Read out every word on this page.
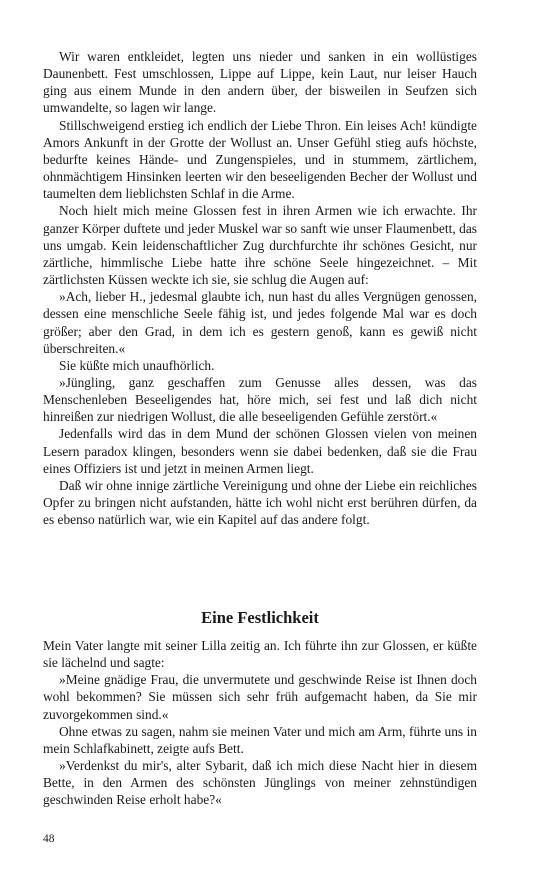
Wir waren entkleidet, legten uns nieder und sanken in ein wollüstiges Daunenbett. Fest umschlossen, Lippe auf Lippe, kein Laut, nur leiser Hauch ging aus einem Munde in den andern über, der bisweilen in Seufzen sich umwandelte, so lagen wir lange.

Stillschweigend erstieg ich endlich der Liebe Thron. Ein leises Ach! kündigte Amors Ankunft in der Grotte der Wollust an. Unser Gefühl stieg aufs höchste, bedurfte keines Hände- und Zungenspieles, und in stummem, zärtlichem, ohnmächtigem Hinsinken leerten wir den beseeligenden Becher der Wollust und taumelten dem lieblichsten Schlaf in die Arme.

Noch hielt mich meine Glossen fest in ihren Armen wie ich erwachte. Ihr ganzer Körper duftete und jeder Muskel war so sanft wie unser Flaumenbett, das uns umgab. Kein leidenschaftlicher Zug durchfurchte ihr schönes Gesicht, nur zärtliche, himmlische Liebe hatte ihre schöne Seele hingezeichnet. – Mit zärtlichsten Küssen weckte ich sie, sie schlug die Augen auf:

»Ach, lieber H., jedesmal glaubte ich, nun hast du alles Vergnügen genossen, dessen eine menschliche Seele fähig ist, und jedes folgende Mal war es doch größer; aber den Grad, in dem ich es gestern genoß, kann es gewiß nicht überschreiten.«

Sie küßte mich unaufhörlich.

»Jüngling, ganz geschaffen zum Genusse alles dessen, was das Menschenleben Beseeligendes hat, höre mich, sei fest und laß dich nicht hinreißen zur niedrigen Wollust, die alle beseeligenden Gefühle zerstört.«

Jedenfalls wird das in dem Mund der schönen Glossen vielen von meinen Lesern paradox klingen, besonders wenn sie dabei bedenken, daß sie die Frau eines Offiziers ist und jetzt in meinen Armen liegt.

Daß wir ohne innige zärtliche Vereinigung und ohne der Liebe ein reichliches Opfer zu bringen nicht aufstanden, hätte ich wohl nicht erst berühren dürfen, da es ebenso natürlich war, wie ein Kapitel auf das andere folgt.

Eine Festlichkeit

Mein Vater langte mit seiner Lilla zeitig an. Ich führte ihn zur Glossen, er küßte sie lächelnd und sagte:

»Meine gnädige Frau, die unvermutete und geschwinde Reise ist Ihnen doch wohl bekommen? Sie müssen sich sehr früh aufgemacht haben, da Sie mir zuvorgekommen sind.«

Ohne etwas zu sagen, nahm sie meinen Vater und mich am Arm, führte uns in mein Schlafkabinett, zeigte aufs Bett.

»Verdenkst du mir's, alter Sybarit, daß ich mich diese Nacht hier in diesem Bette, in den Armen des schönsten Jünglings von meiner zehnstündigen geschwinden Reise erholt habe?«

48
